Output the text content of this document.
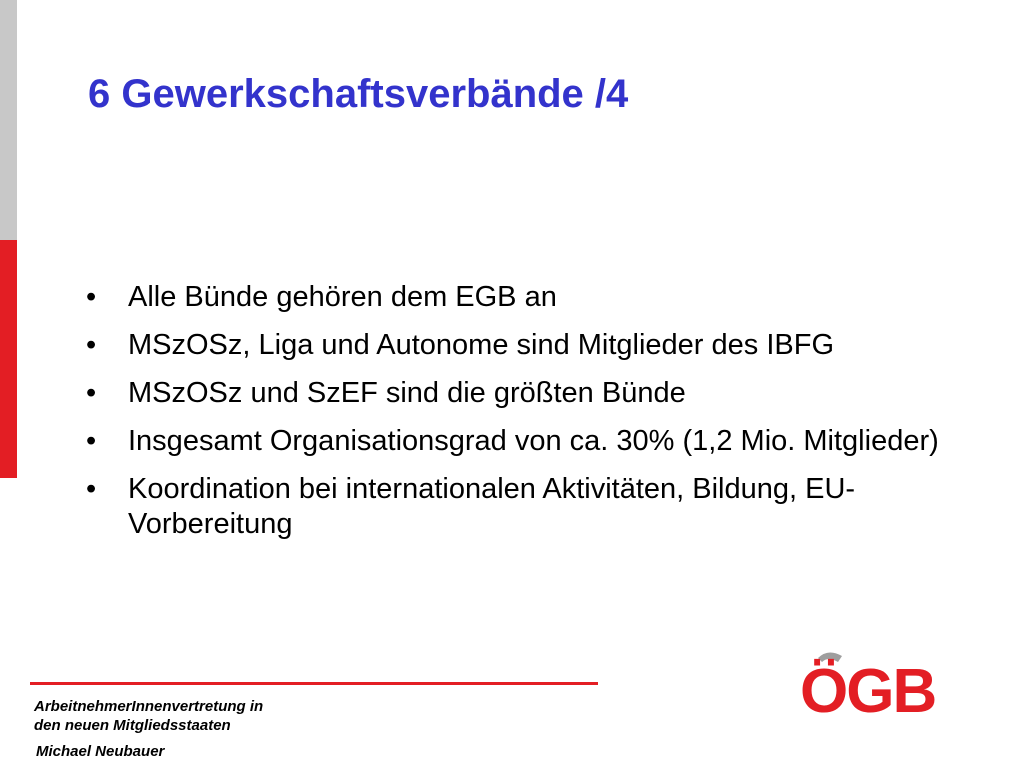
6 Gewerkschaftsverbände /4
• Alle Bünde gehören dem EGB an
• MSzOSz, Liga und Autonome sind Mitglieder des IBFG
• MSzOSz und SzEF sind die größten Bünde
• Insgesamt Organisationsgrad von ca. 30% (1,2 Mio. Mitglieder)
• Koordination bei internationalen Aktivitäten, Bildung, EU-Vorbereitung
ArbeitnehmerInnenvertretung in
den neuen Mitgliedsstaaten
Michael Neubauer
ÖGB
